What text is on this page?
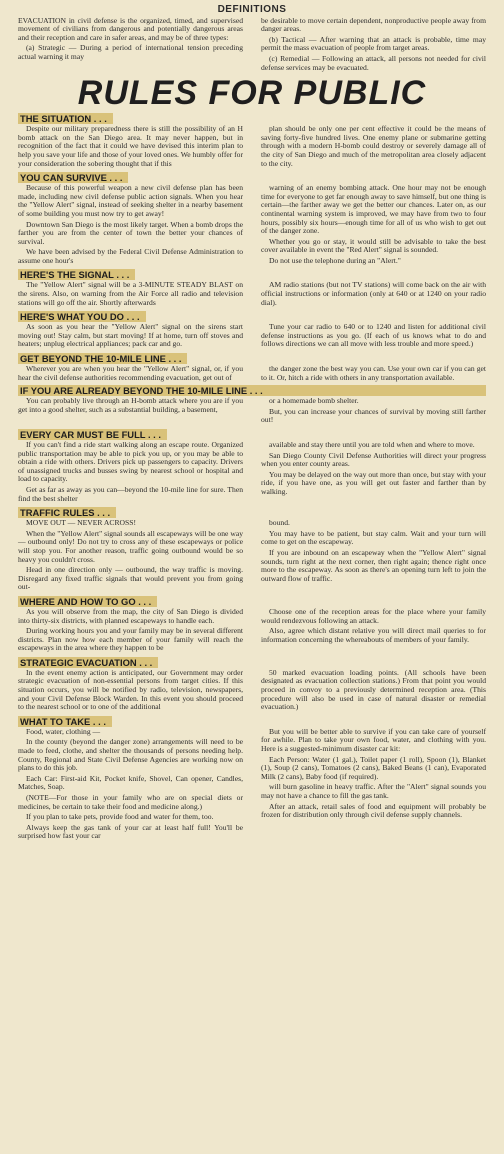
DEFINITIONS

EVACUATION in civil defense is the organized, timed, and supervised movement of civilians from dangerous and potentially dangerous areas and their reception and care in safer areas, and may be of three types:

(a) Strategic — During a period of international tension preceding actual warning it may

be desirable to move certain dependent, nonproductive people away from danger areas.

(b) Tactical — After warning that an attack is probable, time may permit the mass evacuation of people from target areas.

(c) Remedial — Following an attack, all persons not needed for civil defense services may be evacuated.

RULES FOR PUBLIC
THE SITUATION . . .

Despite our military preparedness there is still the possibility of an H bomb attack on the San Diego area. It may never happen, but in recognition of the fact that it could we have devised this interim plan to help you save your life and those of your loved ones. We humbly offer for your consideration the sobering thought that if this

plan should be only one per cent effective it could be the means of saving forty-five hundred lives. One enemy plane or submarine getting through with a modern H-bomb could destroy or severely damage all of the city of San Diego and much of the metropolitan area closely adjacent to the city.

YOU CAN SURVIVE . . .

Because of this powerful weapon a new civil defense plan has been made, including new civil defense public action signals. When you hear the "Yellow Alert" signal, instead of seeking shelter in a nearby basement of some building you must now try to get away!

Downtown San Diego is the most likely target. When a bomb drops the farther you are from the center of town the better your chances of survival.

We have been advised by the Federal Civil Defense Administration to assume one hour's

warning of an enemy bombing attack. One hour may not be enough time for everyone to get far enough away to save himself, but one thing is certain—the farther away we get the better our chances. Later on, as our continental warning system is improved, we may have from two to four hours, possibly six hours—enough time for all of us who wish to get out of the danger zone.

Whether you go or stay, it would still be advisable to take the best cover available in event the "Red Alert" signal is sounded.

Do not use the telephone during an "Alert."

HERE'S THE SIGNAL . . .

The "Yellow Alert" signal will be a 3-MINUTE STEADY BLAST on the sirens. Also, on warning from the Air Force all radio and television stations will go off the air. Shortly afterwards

AM radio stations (but not TV stations) will come back on the air with official instructions or information (only at 640 or at 1240 on your radio dial).

HERE'S WHAT YOU DO . . .

As soon as you hear the "Yellow Alert" signal on the sirens start moving out! Stay calm, but start moving! If at home, turn off stoves and heaters; unplug electrical appliances; pack car and go.

Tune your car radio to 640 or to 1240 and listen for additional civil defense instructions as you go. (If each of us knows what to do and follows directions we can all move with less trouble and more speed.)

GET BEYOND THE 10-MILE LINE . . .

Wherever you are when you hear the "Yellow Alert" signal, or, if you hear the civil defense authorities recommending evacuation, get out of

the danger zone the best way you can. Use your own car if you can get to it. Or, hitch a ride with others in any transportation available.

IF YOU ARE ALREADY BEYOND THE 10-MILE LINE . . .

You can probably live through an H-bomb attack where you are if you get into a good shelter, such as a substantial building, a basement,

or a homemade bomb shelter.

But, you can increase your chances of survival by moving still farther out!

EVERY CAR MUST BE FULL . . .

If you can't find a ride start walking along an escape route. Organized public transportation may be able to pick you up, or you may be able to obtain a ride with others. Drivers pick up passengers to capacity. Drivers of unassigned trucks and busses swing by nearest school or hospital and load to capacity.

Get as far as away as you can—beyond the 10-mile line for sure. Then find the best shelter

available and stay there until you are told when and where to move.

San Diego County Civil Defense Authorities will direct your progress when you enter county areas.

You may be delayed on the way out more than once, but stay with your ride, if you have one, as you will get out faster and farther than by walking.

TRAFFIC RULES . . .

MOVE OUT — NEVER ACROSS!

When the "Yellow Alert" signal sounds all escapeways will be one way — outbound only! Do not try to cross any of these escapeways or police will stop you. For another reason, traffic going outbound would be so heavy you couldn't cross.

Head in one direction only — outbound, the way traffic is moving. Disregard any fixed traffic signals that would prevent you from going out-

bound.

You may have to be patient, but stay calm. Wait and your turn will come to get on the escapeway.

If you are inbound on an escapeway when the "Yellow Alert" signal sounds, turn right at the next corner, then right again; thence right once more to the escapeway. As soon as there's an opening turn left to join the outward flow of traffic.

WHERE AND HOW TO GO . . .

As you will observe from the map, the city of San Diego is divided into thirty-six districts, with planned escapeways to handle each.

During working hours you and your family may be in several different districts. Plan now how each member of your family will reach the escapeways in the area where they happen to be

Choose one of the reception areas for the place where your family would rendezvous following an attack.

Also, agree which distant relative you will direct mail queries to for information concerning the whereabouts of members of your family.

STRATEGIC EVACUATION . . .

In the event enemy action is anticipated, our Government may order strategic evacuation of non-essential persons from target cities. If this situation occurs, you will be notified by radio, television, newspapers, and your Civil Defense Block Warden. In this event you should proceed to the nearest school or to one of the additional

50 marked evacuation loading points. (All schools have been designated as evacuation collection stations.) From that point you would proceed in convoy to a previously determined reception area. (This procedure will also be used in case of natural disaster or remedial evacuation.)

WHAT TO TAKE . . .

Food, water, clothing —

In the county (beyond the danger zone) arrangements will need to be made to feed, clothe, and shelter the thousands of persons needing help. County, Regional and State Civil Defense Agencies are working now on plans to do this job.

Each Car: First-aid Kit, Pocket knife, Shovel, Can opener, Candles, Matches, Soap.

(NOTE—For those in your family who are on special diets or medicines, be certain to take their food and medicine along.)

If you plan to take pets, provide food and water for them, too.

Always keep the gas tank of your car at least half full! You'll be surprised how fast your car

But you will be better able to survive if you can take care of yourself for awhile. Plan to take your own food, water, and clothing with you. Here is a suggested-minimum disaster car kit:

Each Person: Water (1 gal.), Toilet paper (1 roll), Spoon (1), Blanket (1), Soup (2 cans), Tomatoes (2 cans), Baked Beans (1 can), Evaporated Milk (2 cans), Baby food (if required).

will burn gasoline in heavy traffic. After the "Alert" signal sounds you may not have a chance to fill the gas tank.

After an attack, retail sales of food and equipment will probably be frozen for distribution only through civil defense supply channels.
